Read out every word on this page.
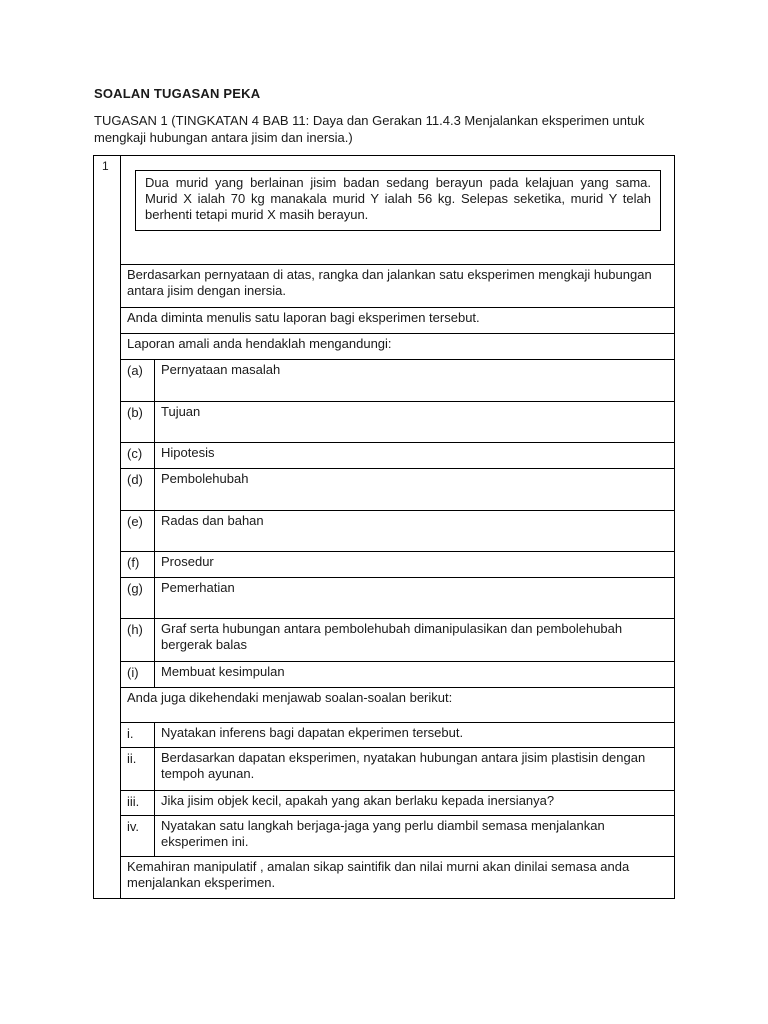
SOALAN TUGASAN PEKA
TUGASAN 1 (TINGKATAN 4 BAB 11: Daya dan Gerakan 11.4.3 Menjalankan eksperimen untuk mengkaji hubungan antara jisim dan inersia.)
1
Dua murid yang berlainan jisim badan sedang berayun pada kelajuan yang sama. Murid X ialah 70 kg manakala murid Y ialah 56 kg. Selepas seketika, murid Y telah berhenti tetapi murid X masih berayun.
Berdasarkan pernyataan di atas, rangka dan jalankan satu eksperimen mengkaji hubungan antara jisim dengan inersia.
Anda diminta menulis satu laporan bagi eksperimen tersebut.
Laporan amali anda hendaklah mengandungi:
(a)	Pernyataan masalah
(b)	Tujuan
(c)	Hipotesis
(d)	Pembolehubah
(e)	Radas dan bahan
(f)	Prosedur
(g)	Pemerhatian
(h)	Graf serta hubungan antara pembolehubah dimanipulasikan dan pembolehubah bergerak balas
(i)	Membuat kesimpulan
Anda juga dikehendaki menjawab soalan-soalan berikut:
i.	Nyatakan inferens bagi dapatan ekperimen tersebut.
ii.	Berdasarkan dapatan eksperimen, nyatakan hubungan antara jisim plastisin dengan tempoh ayunan.
iii.	Jika jisim objek kecil, apakah yang akan berlaku kepada inersianya?
iv.	Nyatakan satu langkah berjaga-jaga yang perlu diambil semasa menjalankan eksperimen ini.
Kemahiran manipulatif , amalan sikap saintifik dan nilai murni akan dinilai semasa anda menjalankan eksperimen.
